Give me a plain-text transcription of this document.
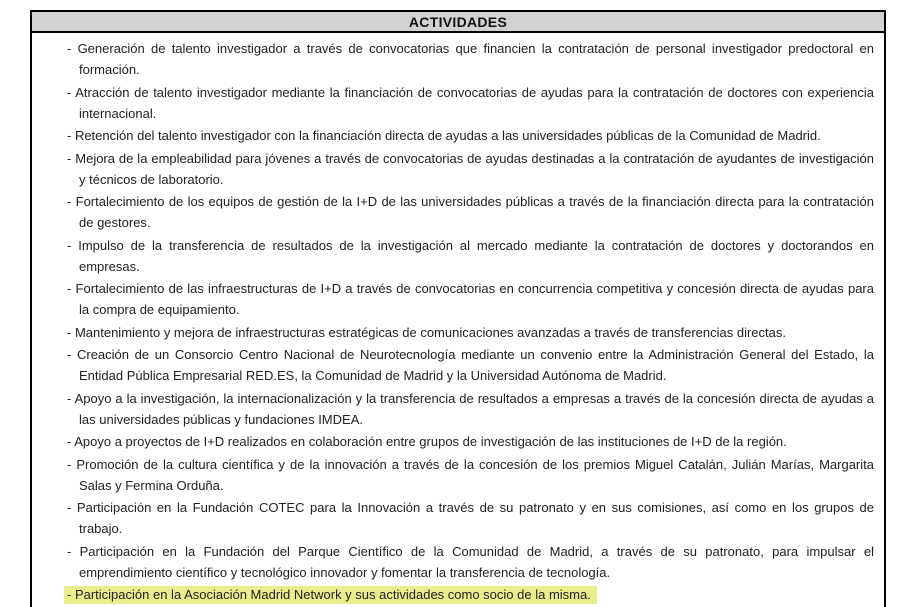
ACTIVIDADES
- Generación de talento investigador a través de convocatorias que financien la contratación de personal investigador predoctoral en formación.
- Atracción de talento investigador mediante la financiación de convocatorias de ayudas para la contratación de doctores con experiencia internacional.
- Retención del talento investigador con la financiación directa de ayudas a las universidades públicas de la Comunidad de Madrid.
- Mejora de la empleabilidad para jóvenes a través de convocatorias de ayudas destinadas a la contratación de ayudantes de investigación y técnicos de laboratorio.
- Fortalecimiento de los equipos de gestión de la I+D de las universidades públicas a través de la financiación directa para la contratación de gestores.
- Impulso de la transferencia de resultados de la investigación al mercado mediante la contratación de doctores y doctorandos en empresas.
- Fortalecimiento de las infraestructuras de I+D a través de convocatorias en concurrencia competitiva y concesión directa de ayudas para la compra de equipamiento.
- Mantenimiento y mejora de infraestructuras estratégicas de comunicaciones avanzadas a través de transferencias directas.
- Creación de un Consorcio Centro Nacional de Neurotecnología mediante un convenio entre la Administración General del Estado, la Entidad Pública Empresarial RED.ES, la Comunidad de Madrid y la Universidad Autónoma de Madrid.
- Apoyo a la investigación, la internacionalización y la transferencia de resultados a empresas a través de la concesión directa de ayudas a las universidades públicas y fundaciones IMDEA.
- Apoyo a proyectos de I+D realizados en colaboración entre grupos de investigación de las instituciones de I+D de la región.
- Promoción de la cultura científica y de la innovación a través de la concesión de los premios Miguel Catalán, Julián Marías, Margarita Salas y Fermina Orduña.
- Participación en la Fundación COTEC para la Innovación a través de su patronato y en sus comisiones, así como en los grupos de trabajo.
- Participación en la Fundación del Parque Científico de la Comunidad de Madrid, a través de su patronato, para impulsar el emprendimiento científico y tecnológico innovador y fomentar la transferencia de tecnología.
- Participación en la Asociación Madrid Network y sus actividades como socio de la misma.
